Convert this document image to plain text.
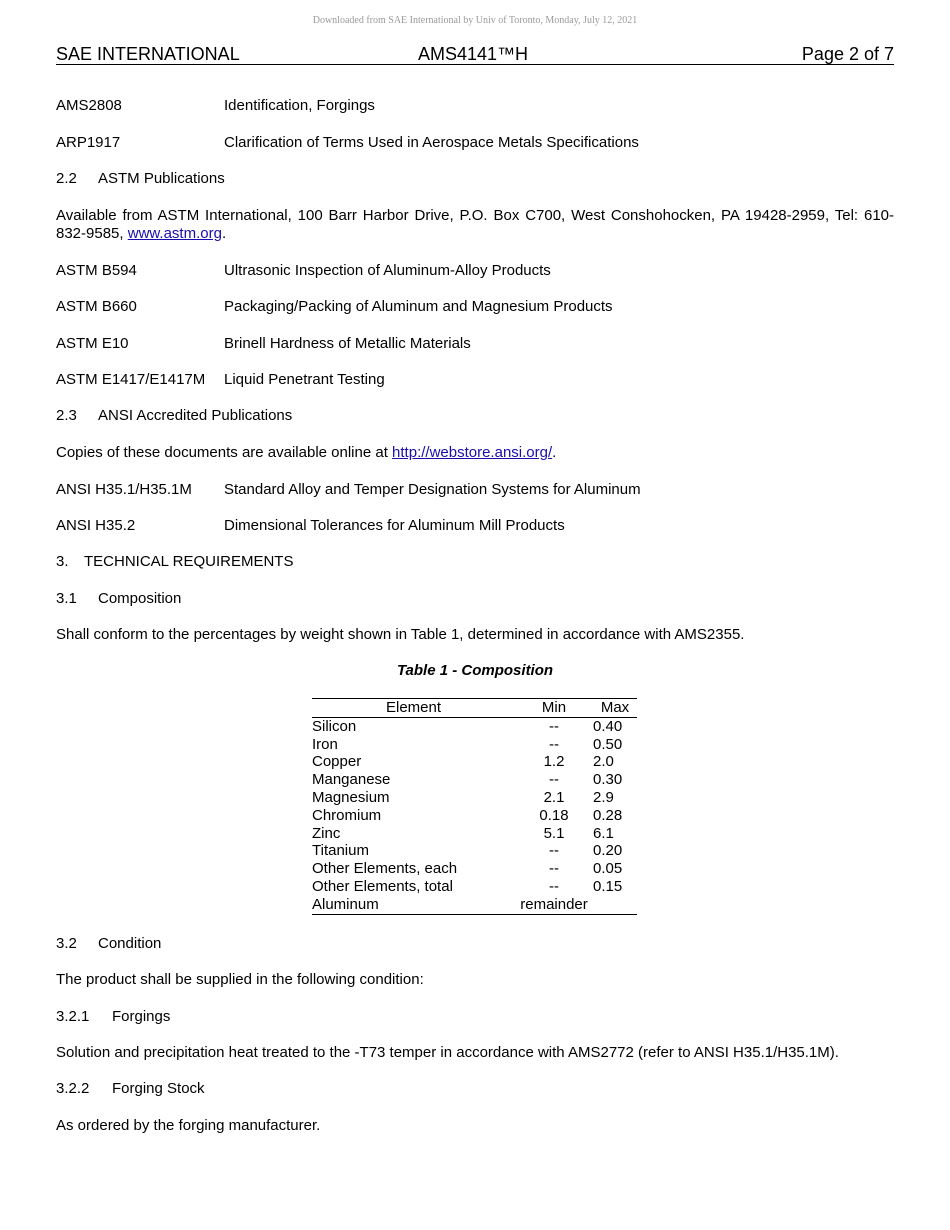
Downloaded from SAE International by Univ of Toronto, Monday, July 12, 2021
SAE INTERNATIONAL	AMS4141™H	Page 2 of 7
AMS2808	Identification, Forgings
ARP1917	Clarification of Terms Used in Aerospace Metals Specifications
2.2 ASTM Publications
Available from ASTM International, 100 Barr Harbor Drive, P.O. Box C700, West Conshohocken, PA 19428-2959, Tel: 610-832-9585, www.astm.org.
ASTM B594	Ultrasonic Inspection of Aluminum-Alloy Products
ASTM B660	Packaging/Packing of Aluminum and Magnesium Products
ASTM E10	Brinell Hardness of Metallic Materials
ASTM E1417/E1417M Liquid Penetrant Testing
2.3 ANSI Accredited Publications
Copies of these documents are available online at http://webstore.ansi.org/.
ANSI H35.1/H35.1M Standard Alloy and Temper Designation Systems for Aluminum
ANSI H35.2	Dimensional Tolerances for Aluminum Mill Products
3. TECHNICAL REQUIREMENTS
3.1 Composition
Shall conform to the percentages by weight shown in Table 1, determined in accordance with AMS2355.
Table 1 - Composition
Element	Min	Max
Silicon	--	0.40
Iron	--	0.50
Copper	1.2	2.0
Manganese	--	0.30
Magnesium	2.1	2.9
Chromium	0.18	0.28
Zinc	5.1	6.1
Titanium	--	0.20
Other Elements, each	--	0.05
Other Elements, total	--	0.15
Aluminum	remainder	
3.2 Condition
The product shall be supplied in the following condition:
3.2.1 Forgings
Solution and precipitation heat treated to the -T73 temper in accordance with AMS2772 (refer to ANSI H35.1/H35.1M).
3.2.2 Forging Stock
As ordered by the forging manufacturer.
